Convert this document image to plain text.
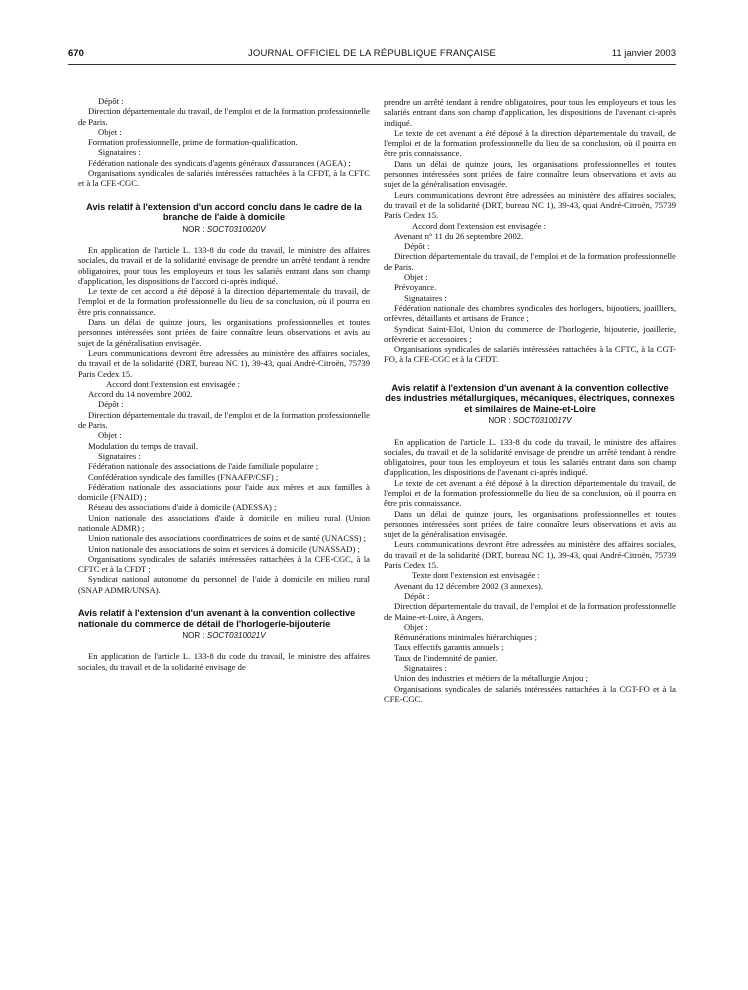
670	JOURNAL OFFICIEL DE LA RÉPUBLIQUE FRANÇAISE	11 janvier 2003

Dépôt :

Direction départementale du travail, de l'emploi et de la formation professionnelle de Paris.

Objet :

Formation professionnelle, prime de formation-qualification.

Signataires :

Fédération nationale des syndicats d'agents généraux d'assurances (AGEA) ;

Organisations syndicales de salariés intéressées rattachées à la CFDT, à la CFTC et à la CFE-CGC.

Avis relatif à l'extension d'un accord conclu dans le cadre de la branche de l'aide à domicile
NOR : SOCT0310020V

En application de l'article L. 133-8 du code du travail, le ministre des affaires sociales, du travail et de la solidarité envisage de prendre un arrêté tendant à rendre obligatoires, pour tous les employeurs et tous les salariés entrant dans son champ d'application, les dispositions de l'accord ci-après indiqué.

Le texte de cet accord a été déposé à la direction départementale du travail, de l'emploi et de la formation professionnelle du lieu de sa conclusion, où il pourra en être pris connaissance.

Dans un délai de quinze jours, les organisations professionnelles et toutes personnes intéressées sont priées de faire connaître leurs observations et avis au sujet de la généralisation envisagée.

Leurs communications devront être adressées au ministère des affaires sociales, du travail et de la solidarité (DRT, bureau NC 1), 39-43, quai André-Citroën, 75739 Paris Cedex 15.

Accord dont l'extension est envisagée :

Accord du 14 novembre 2002.

Dépôt :

Direction départementale du travail, de l'emploi et de la formation professionnelle de Paris.

Objet :

Modulation du temps de travail.

Signataires :

Fédération nationale des associations de l'aide familiale populaire ;

Confédération syndicale des familles (FNAAFP/CSF) ;

Fédération nationale des associations pour l'aide aux mères et aux familles à domicile (FNAID) ;

Réseau des associations d'aide à domicile (ADESSA) ;

Union nationale des associations d'aide à domicile en milieu rural (Union nationale ADMR) ;

Union nationale des associations coordinatrices de soins et de santé (UNACSS) ;

Union nationale des associations de soins et services à domicile (UNASSAD) ;

Organisations syndicales de salariés intéressées rattachées à la CFE-CGC, à la CFTC et à la CFDT ;

Syndicat national autonome du personnel de l'aide à domicile en milieu rural (SNAP ADMR/UNSA).

Avis relatif à l'extension d'un avenant à la convention collective nationale du commerce de détail de l'horlogerie-bijouterie
NOR : SOCT0310021V

En application de l'article L. 133-8 du code du travail, le ministre des affaires sociales, du travail et de la solidarité envisage de

prendre un arrêté tendant à rendre obligatoires, pour tous les employeurs et tous les salariés entrant dans son champ d'application, les dispositions de l'avenant ci-après indiqué.

Le texte de cet avenant a été déposé à la direction départementale du travail, de l'emploi et de la formation professionnelle du lieu de sa conclusion, où il pourra en être pris connaissance.

Dans un délai de quinze jours, les organisations professionnelles et toutes personnes intéressées sont priées de faire connaître leurs observations et avis au sujet de la généralisation envisagée.

Leurs communications devront être adressées au ministère des affaires sociales, du travail et de la solidarité (DRT, bureau NC 1), 39-43, quai André-Citroën, 75739 Paris Cedex 15.

Accord dont l'extension est envisagée :

Avenant n° 11 du 26 septembre 2002.

Dépôt :

Direction départementale du travail, de l'emploi et de la formation professionnelle de Paris.

Objet :

Prévoyance.

Signataires :

Fédération nationale des chambres syndicales des horlogers, bijoutiers, joailliers, orfèvres, détaillants et artisans de France ;

Syndicat Saint-Eloi, Union du commerce de l'horlogerie, bijouterie, joaillerie, orfèvrerie et accessoires ;

Organisations syndicales de salariés intéressées rattachées à la CFTC, à la CGT-FO, à la CFE-CGC et à la CFDT.

Avis relatif à l'extension d'un avenant à la convention collective des industries métallurgiques, mécaniques, électriques, connexes et similaires de Maine-et-Loire
NOR : SOCT0310017V

En application de l'article L. 133-8 du code du travail, le ministre des affaires sociales, du travail et de la solidarité envisage de prendre un arrêté tendant à rendre obligatoires, pour tous les employeurs et tous les salariés entrant dans son champ d'application, les dispositions de l'avenant ci-après indiqué.

Le texte de cet avenant a été déposé à la direction départementale du travail, de l'emploi et de la formation professionnelle du lieu de sa conclusion, où il pourra en être pris connaissance.

Dans un délai de quinze jours, les organisations professionnelles et toutes personnes intéressées sont priées de faire connaître leurs observations et avis au sujet de la généralisation envisagée.

Leurs communications devront être adressées au ministère des affaires sociales, du travail et de la solidarité (DRT, bureau NC 1), 39-43, quai André-Citroën, 75739 Paris Cedex 15.

Texte dont l'extension est envisagée :

Avenant du 12 décembre 2002 (3 annexes).

Dépôt :

Direction départementale du travail, de l'emploi et de la formation professionnelle de Maine-et-Loire, à Angers.

Objet :

Rémunérations minimales hiérarchiques ;

Taux effectifs garantis annuels ;

Taux de l'indemnité de panier.

Signataires :

Union des industries et métiers de la métallurgie Anjou ;

Organisations syndicales de salariés intéressées rattachées à la CGT-FO et à la CFE-CGC.
